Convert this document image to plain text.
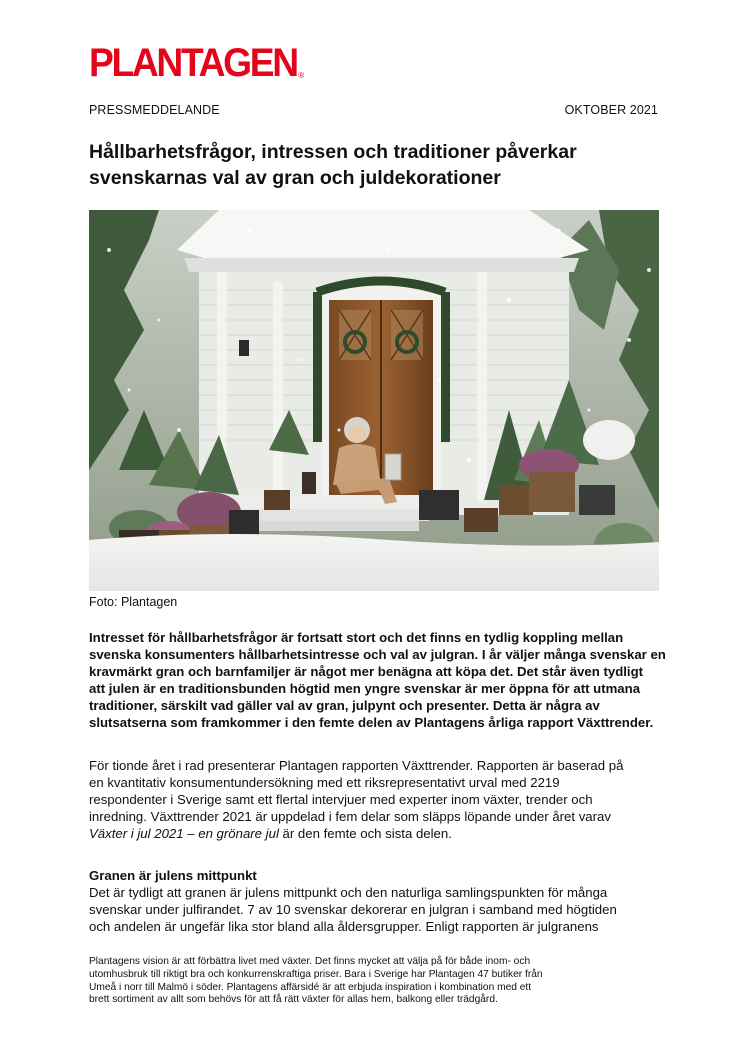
PLANTAGEN ®
PRESSMEDDELANDE	OKTOBER 2021
Hållbarhetsfrågor, intressen och traditioner påverkar
svenskarnas val av gran och juldekorationer
Foto: Plantagen

Intresset för hållbarhetsfrågor är fortsatt stort och det finns en tydlig koppling mellan
svenska konsumenters hållbarhetsintresse och val av julgran. I år väljer många svenskar en
kravmärkt gran och barnfamiljer är något mer benägna att köpa det. Det står även tydligt
att julen är en traditionsbunden högtid men yngre svenskar är mer öppna för att utmana
traditioner, särskilt vad gäller val av gran, julpynt och presenter. Detta är några av
slutsatserna som framkommer i den femte delen av Plantagens årliga rapport Växttrender.

För tionde året i rad presenterar Plantagen rapporten Växttrender. Rapporten är baserad på
en kvantitativ konsumentundersökning med ett riksrepresentativt urval med 2219
respondenter i Sverige samt ett flertal intervjuer med experter inom växter, trender och
inredning. Växttrender 2021 är uppdelad i fem delar som släpps löpande under året varav
Växter i jul 2021 – en grönare jul är den femte och sista delen.

Granen är julens mittpunkt

Det är tydligt att granen är julens mittpunkt och den naturliga samlingspunkten för många
svenskar under julfirandet. 7 av 10 svenskar dekorerar en julgran i samband med högtiden
och andelen är ungefär lika stor bland alla åldersgrupper. Enligt rapporten är julgranens

Plantagens vision är att förbättra livet med växter. Det finns mycket att välja på för både inom- och
utomhusbruk till riktigt bra och konkurrenskraftiga priser. Bara i Sverige har Plantagen 47 butiker från
Umeå i norr till Malmö i söder. Plantagens affärsidé är att erbjuda inspiration i kombination med ett
brett sortiment av allt som behövs för att få rätt växter för allas hem, balkong eller trädgård.
